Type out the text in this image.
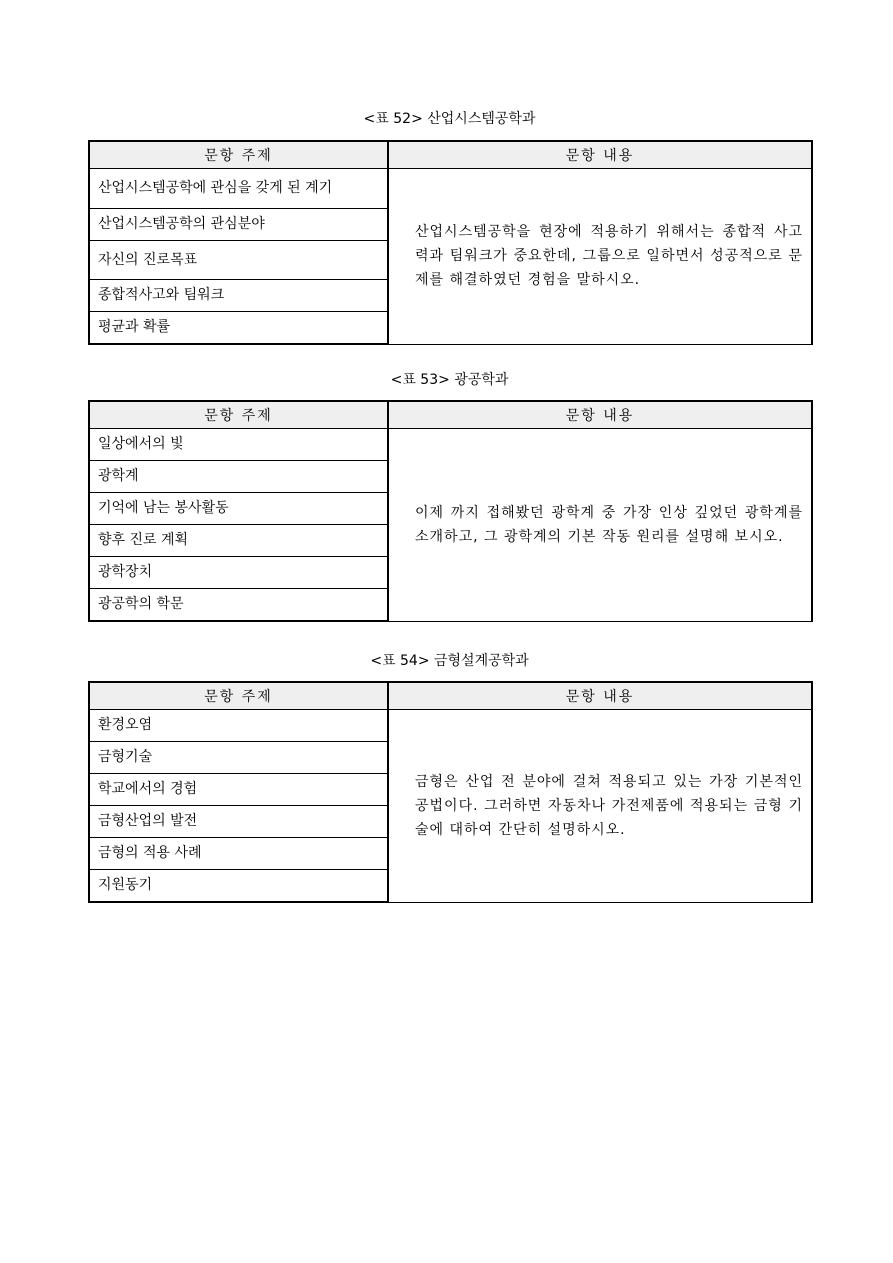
<표 52> 산업시스템공학과
문항 주제	문항 내용
산업시스템공학에 관심을 갖게 된 계기	산업시스템공학을 현장에 적용하기 위해서는 종합적 사고력과 팀워크가 중요한데, 그룹으로 일하면서 성공적으로 문제를 해결하였던 경험을 말하시오.

산업시스템공학의 관심분야	
자신의 진로목표	
종합적사고와 팀워크	
평균과 확률	
<표 53> 광공학과
문항 주제	문항 내용
일상에서의 빛	이제 까지 접해봤던 광학계 중 가장 인상 깊었던 광학계를 소개하고, 그 광학계의 기본 작동 원리를 설명해 보시오.

광학계	
기억에 남는 봉사활동	
향후 진로 계획	
광학장치	
광공학의 학문	
<표 54> 금형설계공학과
문항 주제	문항 내용
환경오염	금형은 산업 전 분야에 걸쳐 적용되고 있는 가장 기본적인 공법이다. 그러하면 자동차나 가전제품에 적용되는 금형 기술에 대하여 간단히 설명하시오.

금형기술	
학교에서의 경험	
금형산업의 발전	
금형의 적용 사례	
지원동기	
